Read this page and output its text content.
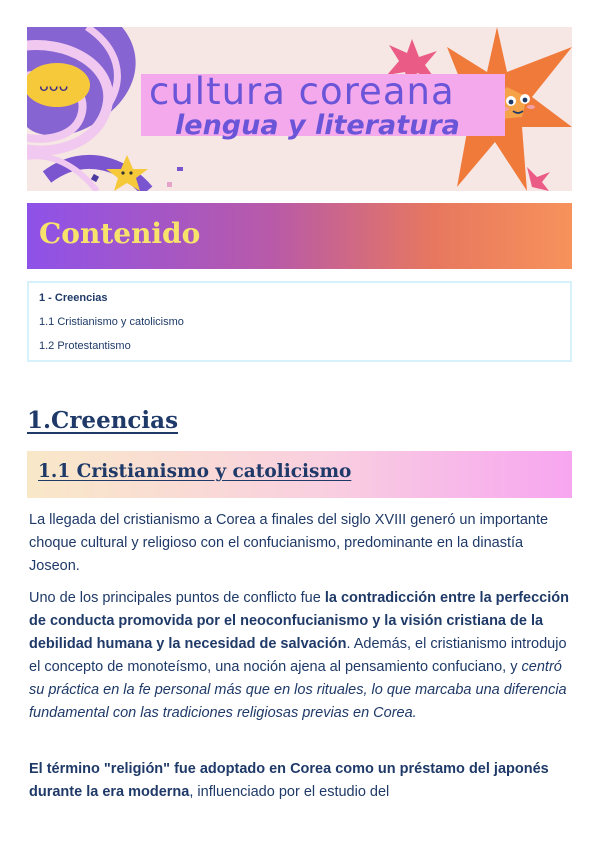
ᴗᴗᴗ cultura coreana
lengua y literatura
Contenido
1 - Creencias
1.1 Cristianismo y catolicismo
1.2 Protestantismo
1.Creencias
1.1 Cristianismo y catolicismo
La llegada del cristianismo a Corea a finales del siglo XVIII generó un importante choque cultural y religioso con el confucianismo, predominante en la dinastía Joseon.
Uno de los principales puntos de conflicto fue la contradicción entre la perfección de conducta promovida por el neoconfucianismo y la visión cristiana de la debilidad humana y la necesidad de salvación. Además, el cristianismo introdujo el concepto de monoteísmo, una noción ajena al pensamiento confuciano, y centró su práctica en la fe personal más que en los rituales, lo que marcaba una diferencia fundamental con las tradiciones religiosas previas en Corea.
El término "religión" fue adoptado en Corea como un préstamo del japonés durante la era moderna, influenciado por el estudio del
